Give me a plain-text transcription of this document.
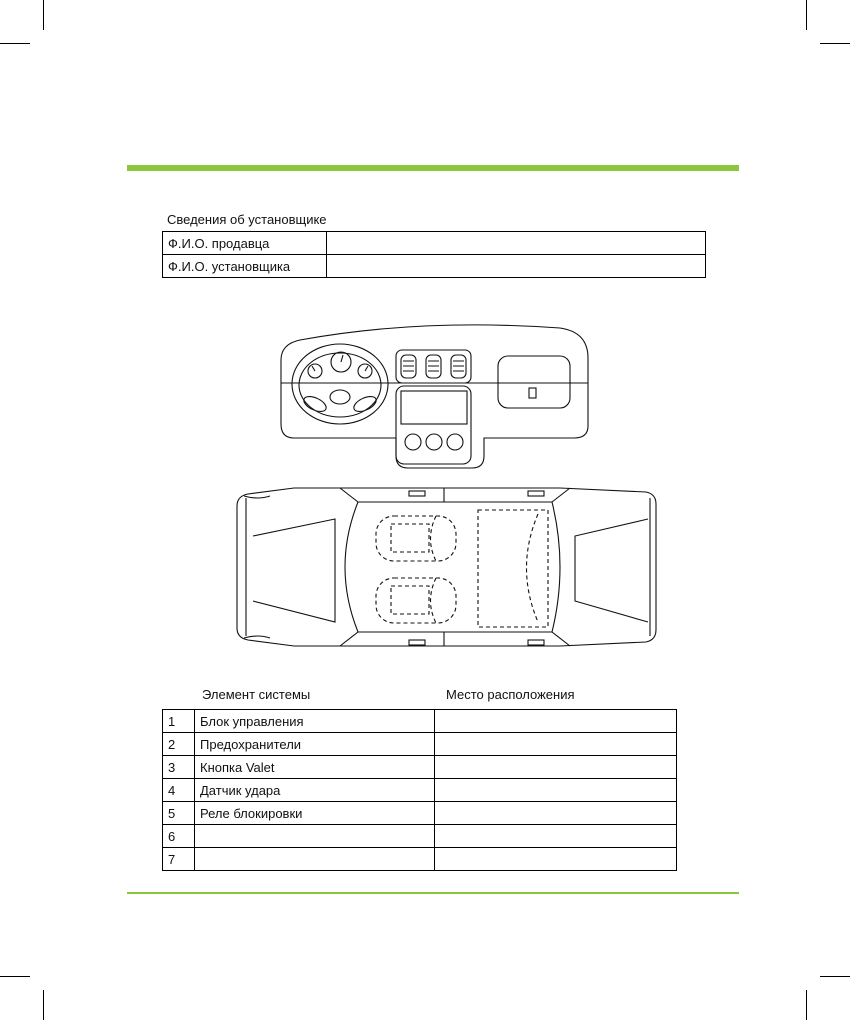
Сведения об установщике
Ф.И.О. продавца	
Ф.И.О. установщика	
Элемент системы	Место расположения
1	Блок управления	
2	Предохранители	
3	Кнопка Valet	
4	Датчик удара	
5	Реле блокировки	
6		
7		
